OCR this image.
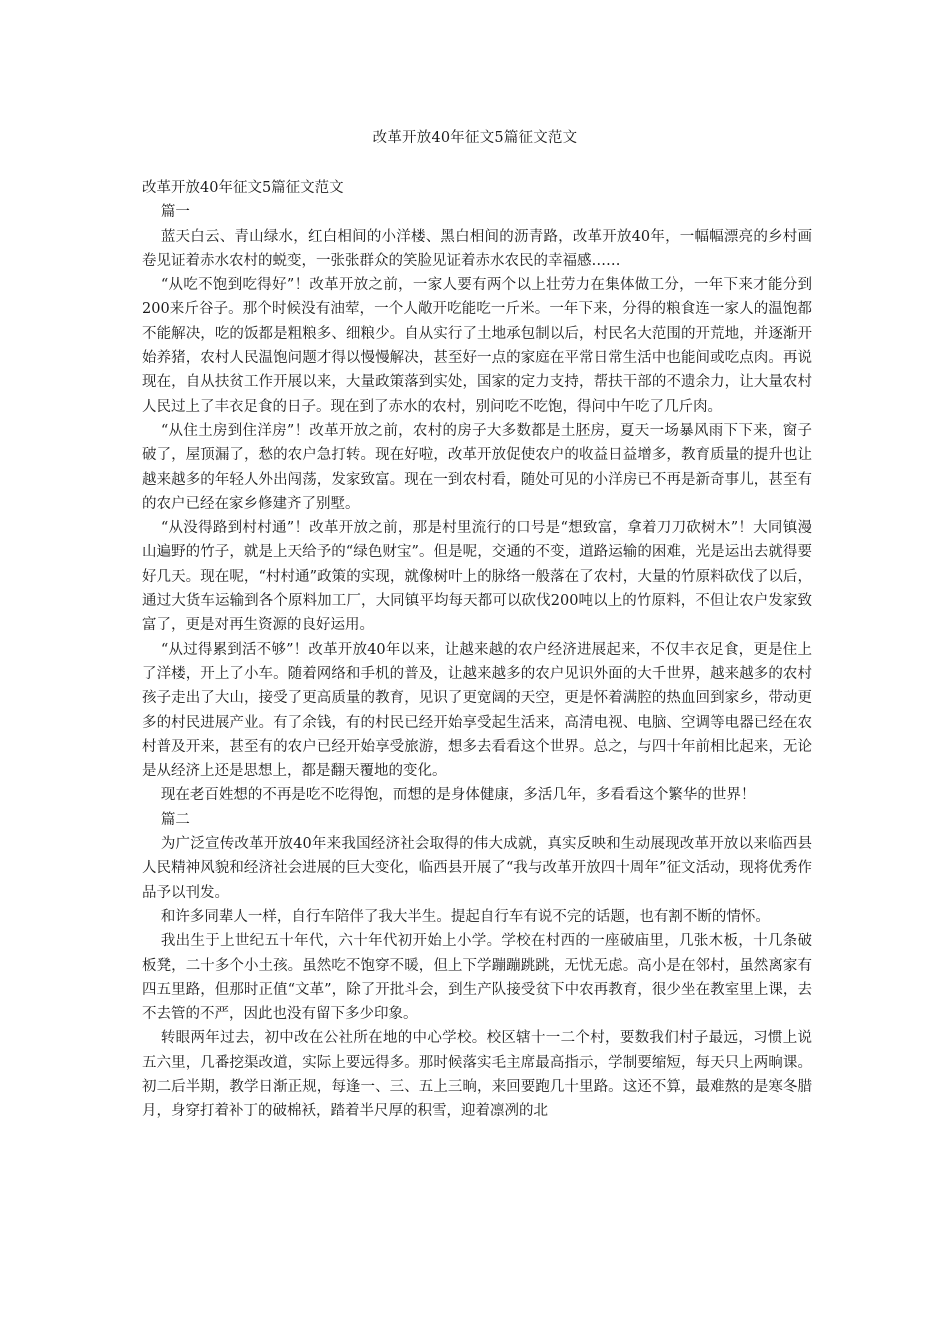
改革开放40年征文5篇征文范文

改革开放40年征文5篇征文范文

篇一

蓝天白云、青山绿水，红白相间的小洋楼、黑白相间的沥青路，改革开放40年，一幅幅漂亮的乡村画卷见证着赤水农村的蜕变，一张张群众的笑脸见证着赤水农民的幸福感……

“从吃不饱到吃得好”！改革开放之前，一家人要有两个以上壮劳力在集体做工分，一年下来才能分到200来斤谷子。那个时候没有油荤，一个人敞开吃能吃一斤米。一年下来，分得的粮食连一家人的温饱都不能解决，吃的饭都是粗粮多、细粮少。自从实行了土地承包制以后，村民名大范围的开荒地，并逐渐开始养猪，农村人民温饱问题才得以慢慢解决，甚至好一点的家庭在平常日常生活中也能间或吃点肉。再说现在，自从扶贫工作开展以来，大量政策落到实处，国家的定力支持，帮扶干部的不遗余力，让大量农村人民过上了丰衣足食的日子。现在到了赤水的农村，别问吃不吃饱，得问中午吃了几斤肉。

“从住土房到住洋房”！改革开放之前，农村的房子大多数都是土胚房，夏天一场暴风雨下下来，窗子破了，屋顶漏了，愁的农户急打转。现在好啦，改革开放促使农户的收益日益增多，教育质量的提升也让越来越多的年轻人外出闯荡，发家致富。现在一到农村看，随处可见的小洋房已不再是新奇事儿，甚至有的农户已经在家乡修建齐了别墅。

“从没得路到村村通”！改革开放之前，那是村里流行的口号是“想致富，拿着刀刀砍树木”！大同镇漫山遍野的竹子，就是上天给予的“绿色财宝”。但是呢，交通的不变，道路运输的困难，光是运出去就得要好几天。现在呢，“村村通”政策的实现，就像树叶上的脉络一般落在了农村，大量的竹原料砍伐了以后，通过大货车运输到各个原料加工厂，大同镇平均每天都可以砍伐200吨以上的竹原料，不但让农户发家致富了，更是对再生资源的良好运用。

“从过得累到活不够”！改革开放40年以来，让越来越的农户经济进展起来，不仅丰衣足食，更是住上了洋楼，开上了小车。随着网络和手机的普及，让越来越多的农户见识外面的大千世界，越来越多的农村孩子走出了大山，接受了更高质量的教育，见识了更宽阔的天空，更是怀着满腔的热血回到家乡，带动更多的村民进展产业。有了余钱，有的村民已经开始享受起生活来，高清电视、电脑、空调等电器已经在农村普及开来，甚至有的农户已经开始享受旅游，想多去看看这个世界。总之，与四十年前相比起来，无论是从经济上还是思想上，都是翻天覆地的变化。

现在老百姓想的不再是吃不吃得饱，而想的是身体健康，多活几年，多看看这个繁华的世界！

篇二

为广泛宣传改革开放40年来我国经济社会取得的伟大成就，真实反映和生动展现改革开放以来临西县人民精神风貌和经济社会进展的巨大变化，临西县开展了“我与改革开放四十周年”征文活动，现将优秀作品予以刊发。

和许多同辈人一样，自行车陪伴了我大半生。提起自行车有说不完的话题，也有割不断的情怀。

我出生于上世纪五十年代，六十年代初开始上小学。学校在村西的一座破庙里，几张木板，十几条破板凳，二十多个小土孩。虽然吃不饱穿不暖，但上下学蹦蹦跳跳，无忧无虑。高小是在邻村，虽然离家有四五里路，但那时正值“文革”，除了开批斗会，到生产队接受贫下中农再教育，很少坐在教室里上课，去不去管的不严，因此也没有留下多少印象。

转眼两年过去，初中改在公社所在地的中心学校。校区辖十一二个村，要数我们村子最远，习惯上说五六里，几番挖渠改道，实际上要远得多。那时候落实毛主席最高指示，学制要缩短，每天只上两晌课。初二后半期，教学日渐正规，每逢一、三、五上三晌，来回要跑几十里路。这还不算，最难熬的是寒冬腊月，身穿打着补丁的破棉袄，踏着半尺厚的积雪，迎着凛冽的北
